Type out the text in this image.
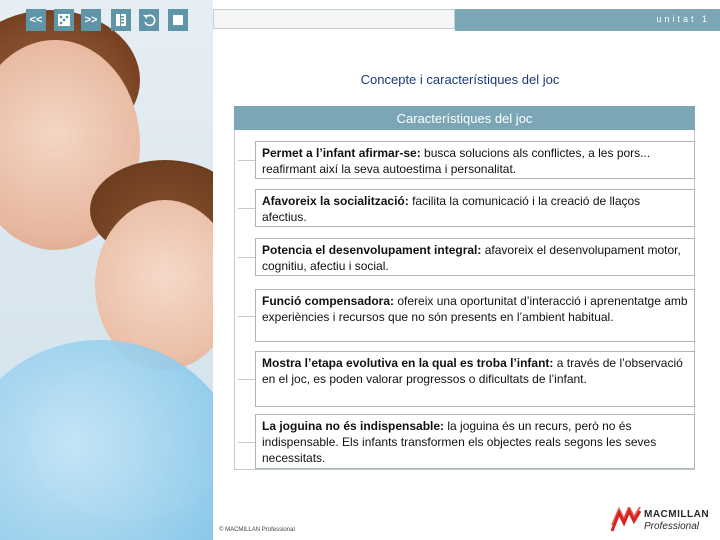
unitat 1
<<	>>
Concepte i característiques del joc
Característiques del joc
Permet a l’infant afirmar-se: busca solucions als conflictes, a les pors... reafirmant així la seva autoestima i personalitat.
Afavoreix la socialització: facilita la comunicació i la creació de llaços afectius.
Potencia el desenvolupament integral: afavoreix el desenvolupament motor, cognitiu, afectiu i social.
Funció compensadora: ofereix una oportunitat d’interacció i aprenentatge amb experiències i recursos que no són presents en l’ambient habitual.
Mostra l’etapa evolutiva en la qual es troba l’infant: a través de l’observació en el joc, es poden valorar progressos o dificultats de l’infant.
La joguina no és indispensable: la joguina és un recurs, però no és indispensable. Els infants transformen els objectes reals segons les seves necessitats.
© MACMILLAN Professional
MACMILLAN
Professional
